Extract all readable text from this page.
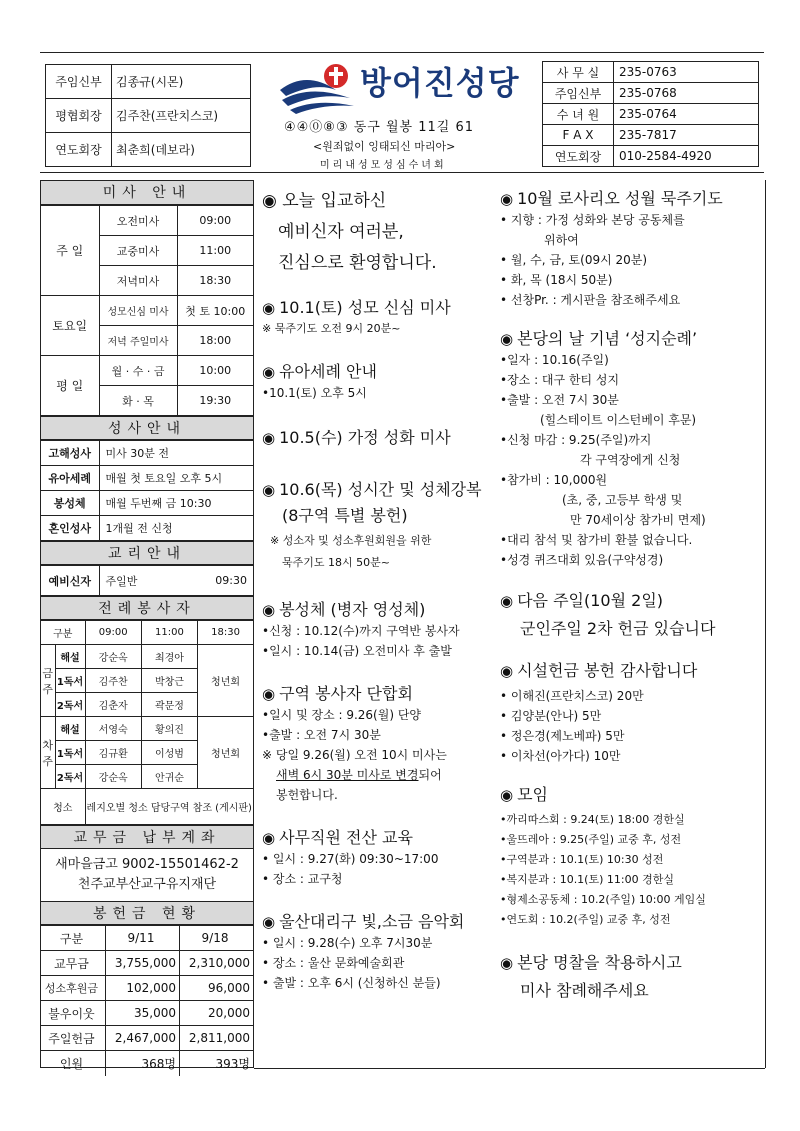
주임신부	김종규(시몬)
평협회장	김주찬(프란치스코)
연도회장	최춘희(데보라)
방어진성당
④④⓪⑧③ 동구 월봉 11길 61
<원죄없이 잉태되신 마리아>
미리내성모성심수녀회
사 무 실	235-0763
주임신부	235-0768
수 녀 원	235-0764
F A X	235-7817
연도회장	010-2584-4920
미사 안내
주 일	오전미사	09:00
	교중미사	11:00
	저녁미사	18:30
토요일	성모신심 미사	첫 토 10:00
	저녁 주일미사	18:00
평 일	월 · 수 · 금	10:00
	화 · 목	19:30
성사안내
고해성사	미사 30분 전
유아세례	매월 첫 토요일 오후 5시
봉성체	매월 두번째 금 10:30
혼인성사	1개월 전 신청
교리안내
예비신자	주일반	09:30
전례봉사자
구분		09:00	11:00	18:30
금주	해설	강순옥	최경아	청년회
	1독서	김주찬	박창근	
	2독서	김춘자	곽문정	
차주	해설	서영숙	황의진	청년회
	1독서	김규환	이성범	
	2독서	강순옥	안귀순	
청소		레지오별 청소 담당구역 참조 (게시판)		
교무금 납부계좌
새마을금고 9002-15501462-2
천주교부산교구유지재단
봉헌금 현황
구분	9/11	9/18
교무금	3,755,000	2,310,000
성소후원금	102,000	96,000
불우이웃	35,000	20,000
주일헌금	2,467,000	2,811,000
인원	368명	393명
◉ 오늘 입교하신
예비신자 여러분,
진심으로 환영합니다.
◉ 10.1(토) 성모 신심 미사
※ 묵주기도 오전 9시 20분~
◉ 유아세례 안내
•10.1(토) 오후 5시
◉ 10.5(수) 가정 성화 미사
◉ 10.6(목) 성시간 및 성체강복
(8구역 특별 봉헌)
※ 성소자 및 성소후원회원을 위한
묵주기도 18시 50분~
◉ 봉성체 (병자 영성체)
•신청 : 10.12(수)까지 구역반 봉사자
•일시 : 10.14(금) 오전미사 후 출발
◉ 구역 봉사자 단합회
•일시 및 장소 : 9.26(월) 단양
•출발 : 오전 7시 30분
※ 당일 9.26(월) 오전 10시 미사는
새벽 6시 30분 미사로 변경되어
봉헌합니다.
◉ 사무직원 전산 교육
• 일시 : 9.27(화) 09:30~17:00
• 장소 : 교구청
◉ 울산대리구 빛,소금 음악회
• 일시 : 9.28(수) 오후 7시30분
• 장소 : 울산 문화예술회관
• 출발 : 오후 6시 (신청하신 분들)
◉ 10월 로사리오 성월 묵주기도
• 지향 : 가정 성화와 본당 공동체를
위하여
• 월, 수, 금, 토(09시 20분)
• 화, 목 (18시 50분)
• 선창Pr. : 게시판을 참조해주세요
◉ 본당의 날 기념 ‘성지순례’
•일자 : 10.16(주일)
•장소 : 대구 한티 성지
•출발 : 오전 7시 30분
(힐스테이트 이스턴베이 후문)
•신청 마감 : 9.25(주일)까지
각 구역장에게 신청
•참가비 : 10,000원
(초, 중, 고등부 학생 및
만 70세이상 참가비 면제)
•대리 참석 및 참가비 환불 없습니다.
•성경 퀴즈대회 있음(구약성경)
◉ 다음 주일(10월 2일)
군인주일 2차 헌금 있습니다
◉ 시설헌금 봉헌 감사합니다
• 이해진(프란치스코) 20만
• 김양분(안나) 5만
• 정은경(제노베파) 5만
• 이차선(아가다) 10만
◉ 모임
•까리따스회 : 9.24(토) 18:00 경한실
•울뜨레아 : 9.25(주일) 교중 후, 성전
•구역분과 : 10.1(토) 10:30 성전
•복지분과 : 10.1(토) 11:00 경한실
•형제소공동체 : 10.2(주일) 10:00 게임실
•연도회 : 10.2(주일) 교중 후, 성전
◉ 본당 명찰을 착용하시고
미사 참례해주세요
